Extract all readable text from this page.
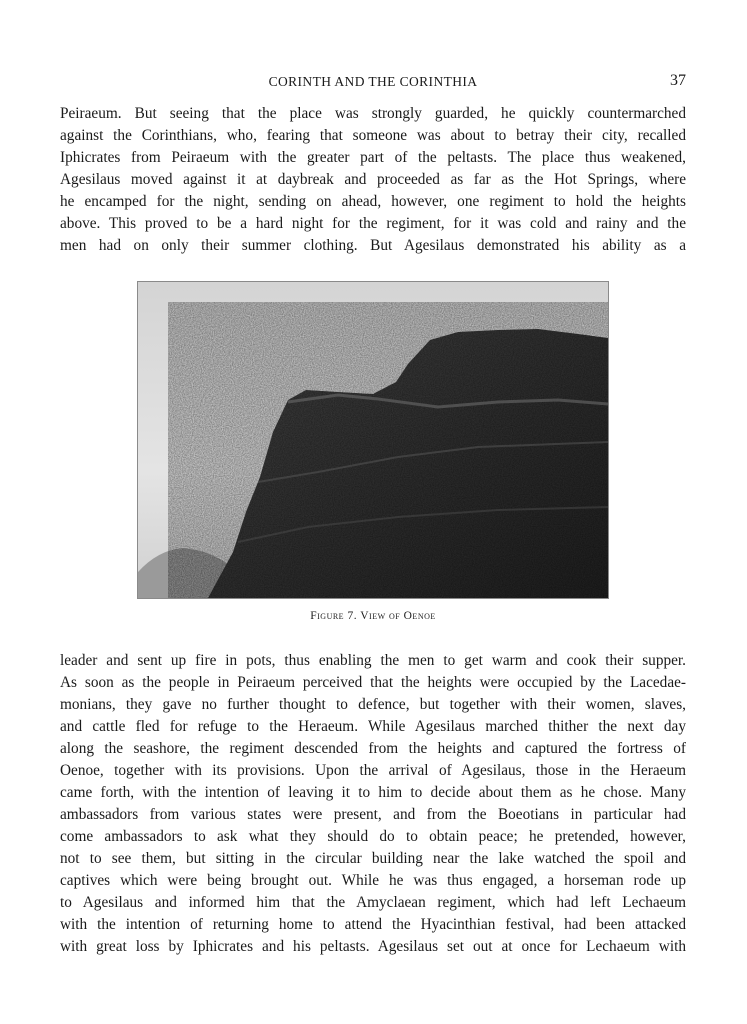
CORINTH AND THE CORINTHIA	37
Peiraeum. But seeing that the place was strongly guarded, he quickly countermarched
against the Corinthians, who, fearing that someone was about to betray their city, recalled
Iphicrates from Peiraeum with the greater part of the peltasts. The place thus weakened,
Agesilaus moved against it at daybreak and proceeded as far as the Hot Springs, where
he encamped for the night, sending on ahead, however, one regiment to hold the heights
above. This proved to be a hard night for the regiment, for it was cold and rainy and the
men had on only their summer clothing. But Agesilaus demonstrated his ability as a
Figure 7. View of Oenoe
leader and sent up fire in pots, thus enabling the men to get warm and cook their supper.
As soon as the people in Peiraeum perceived that the heights were occupied by the Lacedae-
monians, they gave no further thought to defence, but together with their women, slaves,
and cattle fled for refuge to the Heraeum. While Agesilaus marched thither the next day
along the seashore, the regiment descended from the heights and captured the fortress of
Oenoe, together with its provisions. Upon the arrival of Agesilaus, those in the Heraeum
came forth, with the intention of leaving it to him to decide about them as he chose. Many
ambassadors from various states were present, and from the Boeotians in particular had
come ambassadors to ask what they should do to obtain peace; he pretended, however,
not to see them, but sitting in the circular building near the lake watched the spoil and
captives which were being brought out. While he was thus engaged, a horseman rode up
to Agesilaus and informed him that the Amyclaean regiment, which had left Lechaeum
with the intention of returning home to attend the Hyacinthian festival, had been attacked
with great loss by Iphicrates and his peltasts. Agesilaus set out at once for Lechaeum with
